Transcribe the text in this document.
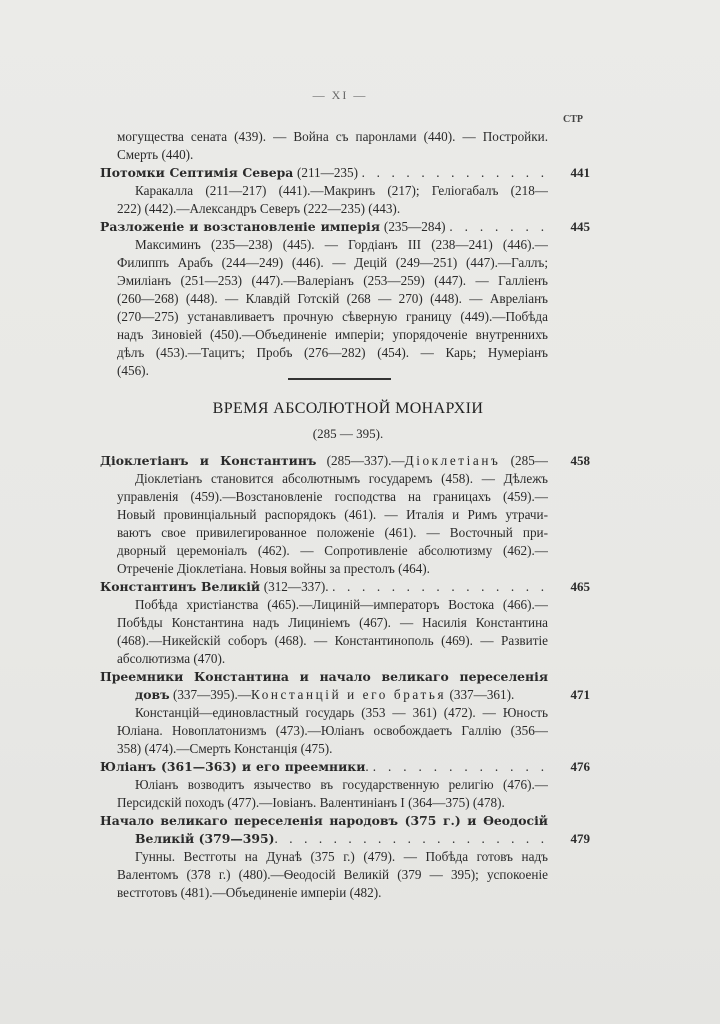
— XI —
СТР
могущества сената (439). — Война съ паронлами (440). — Постройки.
Смерть (440).
Потомки Септимія Севера (211—235) . . . . . . . . . . . . . 441
Каракалла (211—217) (441).—Макринъ (217); Геліогабалъ (218—
222) (442).—Александръ Северъ (222—235) (443).
Разложеніе и возстановленіе имперія (235—284) . . . . . . . 445
Максиминъ (235—238) (445). — Гордіанъ III (238—241) (446).—
Филиппъ Арабъ (244—249) (446). — Децій (249—251) (447).—Галлъ;
Эмиліанъ (251—253) (447).—Валеріанъ (253—259) (447). — Галліенъ
(260—268) (448). — Клавдій Готскій (268 — 270) (448). — Авреліанъ
(270—275) устанавливаетъ прочную сѣверную границу (449).—Побѣда
надъ Зиновіей (450).—Объединеніе имперіи; упорядоченіе внутреннихъ
дѣлъ (453).—Тацитъ; Пробъ (276—282) (454). — Карь; Нумеріанъ
(456).
ВРЕМЯ АБСОЛЮТНОЙ МОНАРХІИ
(285 — 395).
Діоклетіанъ и Константинъ (285—337).—Діоклетіанъ (285— 458
Діоклетіанъ становится абсолютнымъ государемъ (458). — Дѣлежъ
управленія (459).—Возстановленіе господства на границахъ (459).—
Новый провинціальный распорядокъ (461). — Италія и Римъ утрачи-
ваютъ свое привилегированное положеніе (461). — Восточный при-
дворный церемоніалъ (462). — Сопротивленіе абсолютизму (462).—
Отреченіе Діоклетіана. Новыя войны за престолъ (464).
Константинъ Великій (312—337). . . . . . . . . . . . . . . . 465
Побѣда христіанства (465).—Лициній—императоръ Востока (466).—
Побѣды Константина надъ Лициніемъ (467). — Насилія Константина
(468).—Никейскій соборъ (468). — Константинополь (469). — Развитіе
абсолютизма (470).
Преемники Константина и начало великаго переселенія
довъ (337—395).—Констанцій и его братья (337—361).	471
Констанцій—единовластный государь (353 — 361) (472). — Юность
Юліана. Новоплатонизмъ (473).—Юліанъ освобождаетъ Галлію (356—
358) (474).—Смерть Констанція (475).
Юліанъ (361—363) и его преемники. . . . . . . . . . . . . 476
Юліанъ возводитъ язычество въ государственную религію (476).—
Персидскій походъ (477).—Іовіанъ. Валентиніанъ I (364—375) (478).
Начало великаго переселенія народовъ (375 г.) и Ѳеодосій
Великій (379—395). . . . . . . . . . . . . . . . . . . 479
Гунны. Вестготы на Дунаѣ (375 г.) (479). — Побѣда готовъ надъ
Валентомъ (378 г.) (480).—Ѳеодосій Великій (379 — 395); успокоеніе
вестготовъ (481).—Объединеніе имперіи (482).
